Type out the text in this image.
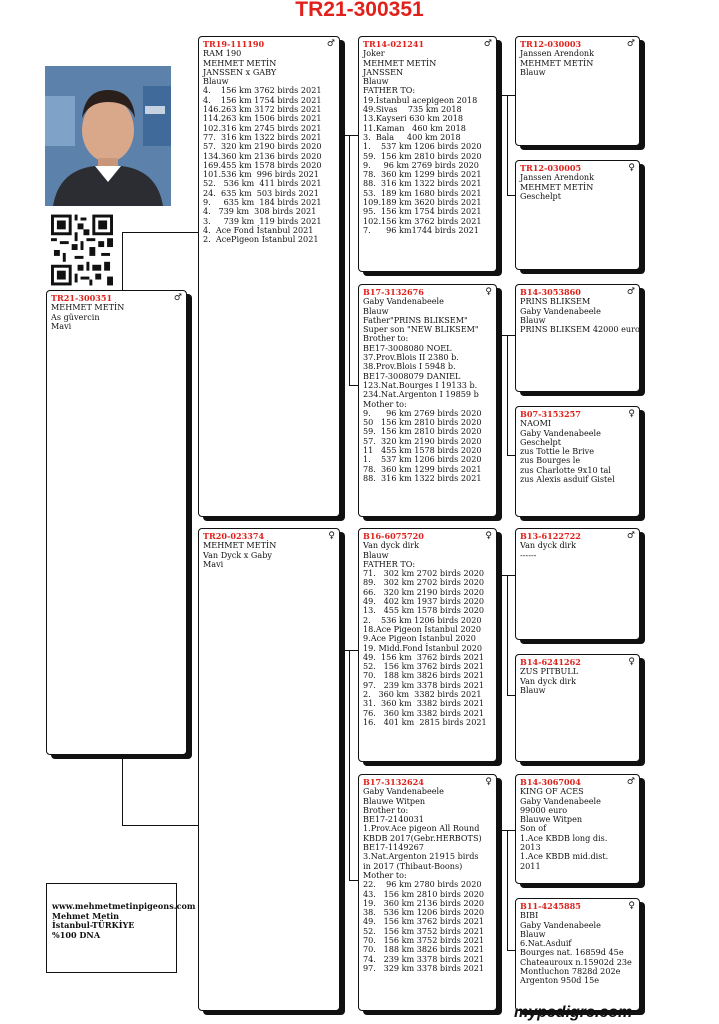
TR21-300351
TR21-300351	♂
MEHMET METİN
As güvercin
Mavi
TR19-111190	♂
RAM 190
MEHMET METİN
JANSSEN x GABY
Blauw
4.    156 km 3762 birds 2021
4.    156 km 1754 birds 2021
146.263 km 3172 birds 2021
114.263 km 1506 birds 2021
102.316 km 2745 birds 2021
77.  316 km 1322 birds 2021
57.  320 km 2190 birds 2020
134.360 km 2136 birds 2020
169.455 km 1578 birds 2020
101.536 km  996 birds 2021
52.   536 km  411 birds 2021
24.  635 km  503 birds 2021
9.     635 km  184 birds 2021
4.   739 km  308 birds 2021
3.     739 km  119 birds 2021
4.  Ace Fond İstanbul 2021
2.  AcePigeon İstanbul 2021
TR20-023374	♀
MEHMET METİN
Van Dyck x Gaby
Mavi
TR14-021241	♂
Joker
MEHMET METİN
JANSSEN
Blauw
FATHER TO:
19.İstanbul acepigeon 2018
49.Sivas    735 km 2018
13.Kayseri 630 km 2018
11.Kaman   460 km 2018
3.  Bala     400 km 2018
1.    537 km 1206 birds 2020
59.  156 km 2810 birds 2020
9.     96 km 2769 birds 2020
78.  360 km 1299 birds 2021
88.  316 km 1322 birds 2021
53.  189 km 1680 birds 2021
109.189 km 3620 birds 2021
95.  156 km 1754 birds 2021
102.156 km 3762 birds 2021
7.      96 km1744 birds 2021
B17-3132676	♀
Gaby Vandenabeele
Blauw
Father"PRINS BLIKSEM"
Super son "NEW BLIKSEM"
Brother to:
BE17-3008080 NOEL
37.Prov.Blois II 2380 b.
38.Prov.Blois I 5948 b.
BE17-3008079 DANIEL
123.Nat.Bourges I 19133 b.
234.Nat.Argenton I 19859 b
Mother to:
9.      96 km 2769 birds 2020
50   156 km 2810 birds 2020
59.  156 km 2810 birds 2020
57.  320 km 2190 birds 2020
11   455 km 1578 birds 2020
1.    537 km 1206 birds 2020
78.  360 km 1299 birds 2021
88.  316 km 1322 birds 2021
B16-6075720	♀
Van dyck dirk
Blauw
FATHER TO:
71.   302 km 2702 birds 2020
89.   302 km 2702 birds 2020
66.   320 km 2190 birds 2020
49.   402 km 1937 birds 2020
13.   455 km 1578 birds 2020
2.    536 km 1206 birds 2020
18.Ace Pigeon İstanbul 2020
9.Ace Pigeon İstanbul 2020
19. Midd.Fond İstanbul 2020
49.  156 km  3762 birds 2021
52.   156 km 3762 birds 2021
70.   188 km 3826 birds 2021
97.   239 km 3378 birds 2021
2.   360 km  3382 birds 2021
31.  360 km  3382 birds 2021
76.   360 km 3382 birds 2021
16.   401 km  2815 birds 2021
B17-3132624	♀
Gaby Vandenabeele
Blauwe Witpen
Brother to:
BE17-2140031
1.Prov.Ace pigeon All Round
KBDB 2017(Gebr.HERBOTS)
BE17-1149267
3.Nat.Argenton 21915 birds
in 2017 (Thibaut-Boons)
Mother to:
22.    96 km 2780 birds 2020
43.   156 km 2810 birds 2020
19.   360 km 2136 birds 2020
38.   536 km 1206 birds 2020
49.   156 km 3762 birds 2021
52.   156 km 3752 birds 2021
70.   156 km 3752 birds 2021
70.   188 km 3826 birds 2021
74.   239 km 3378 birds 2021
97.   329 km 3378 birds 2021
TR12-030003	♂
Janssen Arendonk
MEHMET METİN
Blauw
TR12-030005	♀
Janssen Arendonk
MEHMET METİN
Geschelpt
B14-3053860	♂
PRINS BLIKSEM
Gaby Vandenabeele
Blauw
PRINS BLIKSEM 42000 euro
B07-3153257	♀
NAOMI
Gaby Vandenabeele
Geschelpt
zus Tottie le Brive
zus Bourges le
zus Charlotte 9x10 tal
zus Alexis asduif Gistel
B13-6122722	♂
Van dyck dirk
------
B14-6241262	♀
ZUS PITBULL
Van dyck dirk
Blauw
B14-3067004	♂
KING OF ACES
Gaby Vandenabeele
99000 euro
Blauwe Witpen
Son of
1.Ace KBDB long dis.
2013
1.Ace KBDB mid.dist.
2011
B11-4245885	♀
BIBI
Gaby Vandenabeele
Blauw
6.Nat.Asduif
Bourges nat. 16859d 45e
Chateauroux n.15902d 23e
Montluchon 7828d 202e
Argenton 950d 15e
www.mehmetmetinpigeons.com
Mehmet Metin
İstanbul-TÜRKİYE
%100 DNA
mypedigre.com
